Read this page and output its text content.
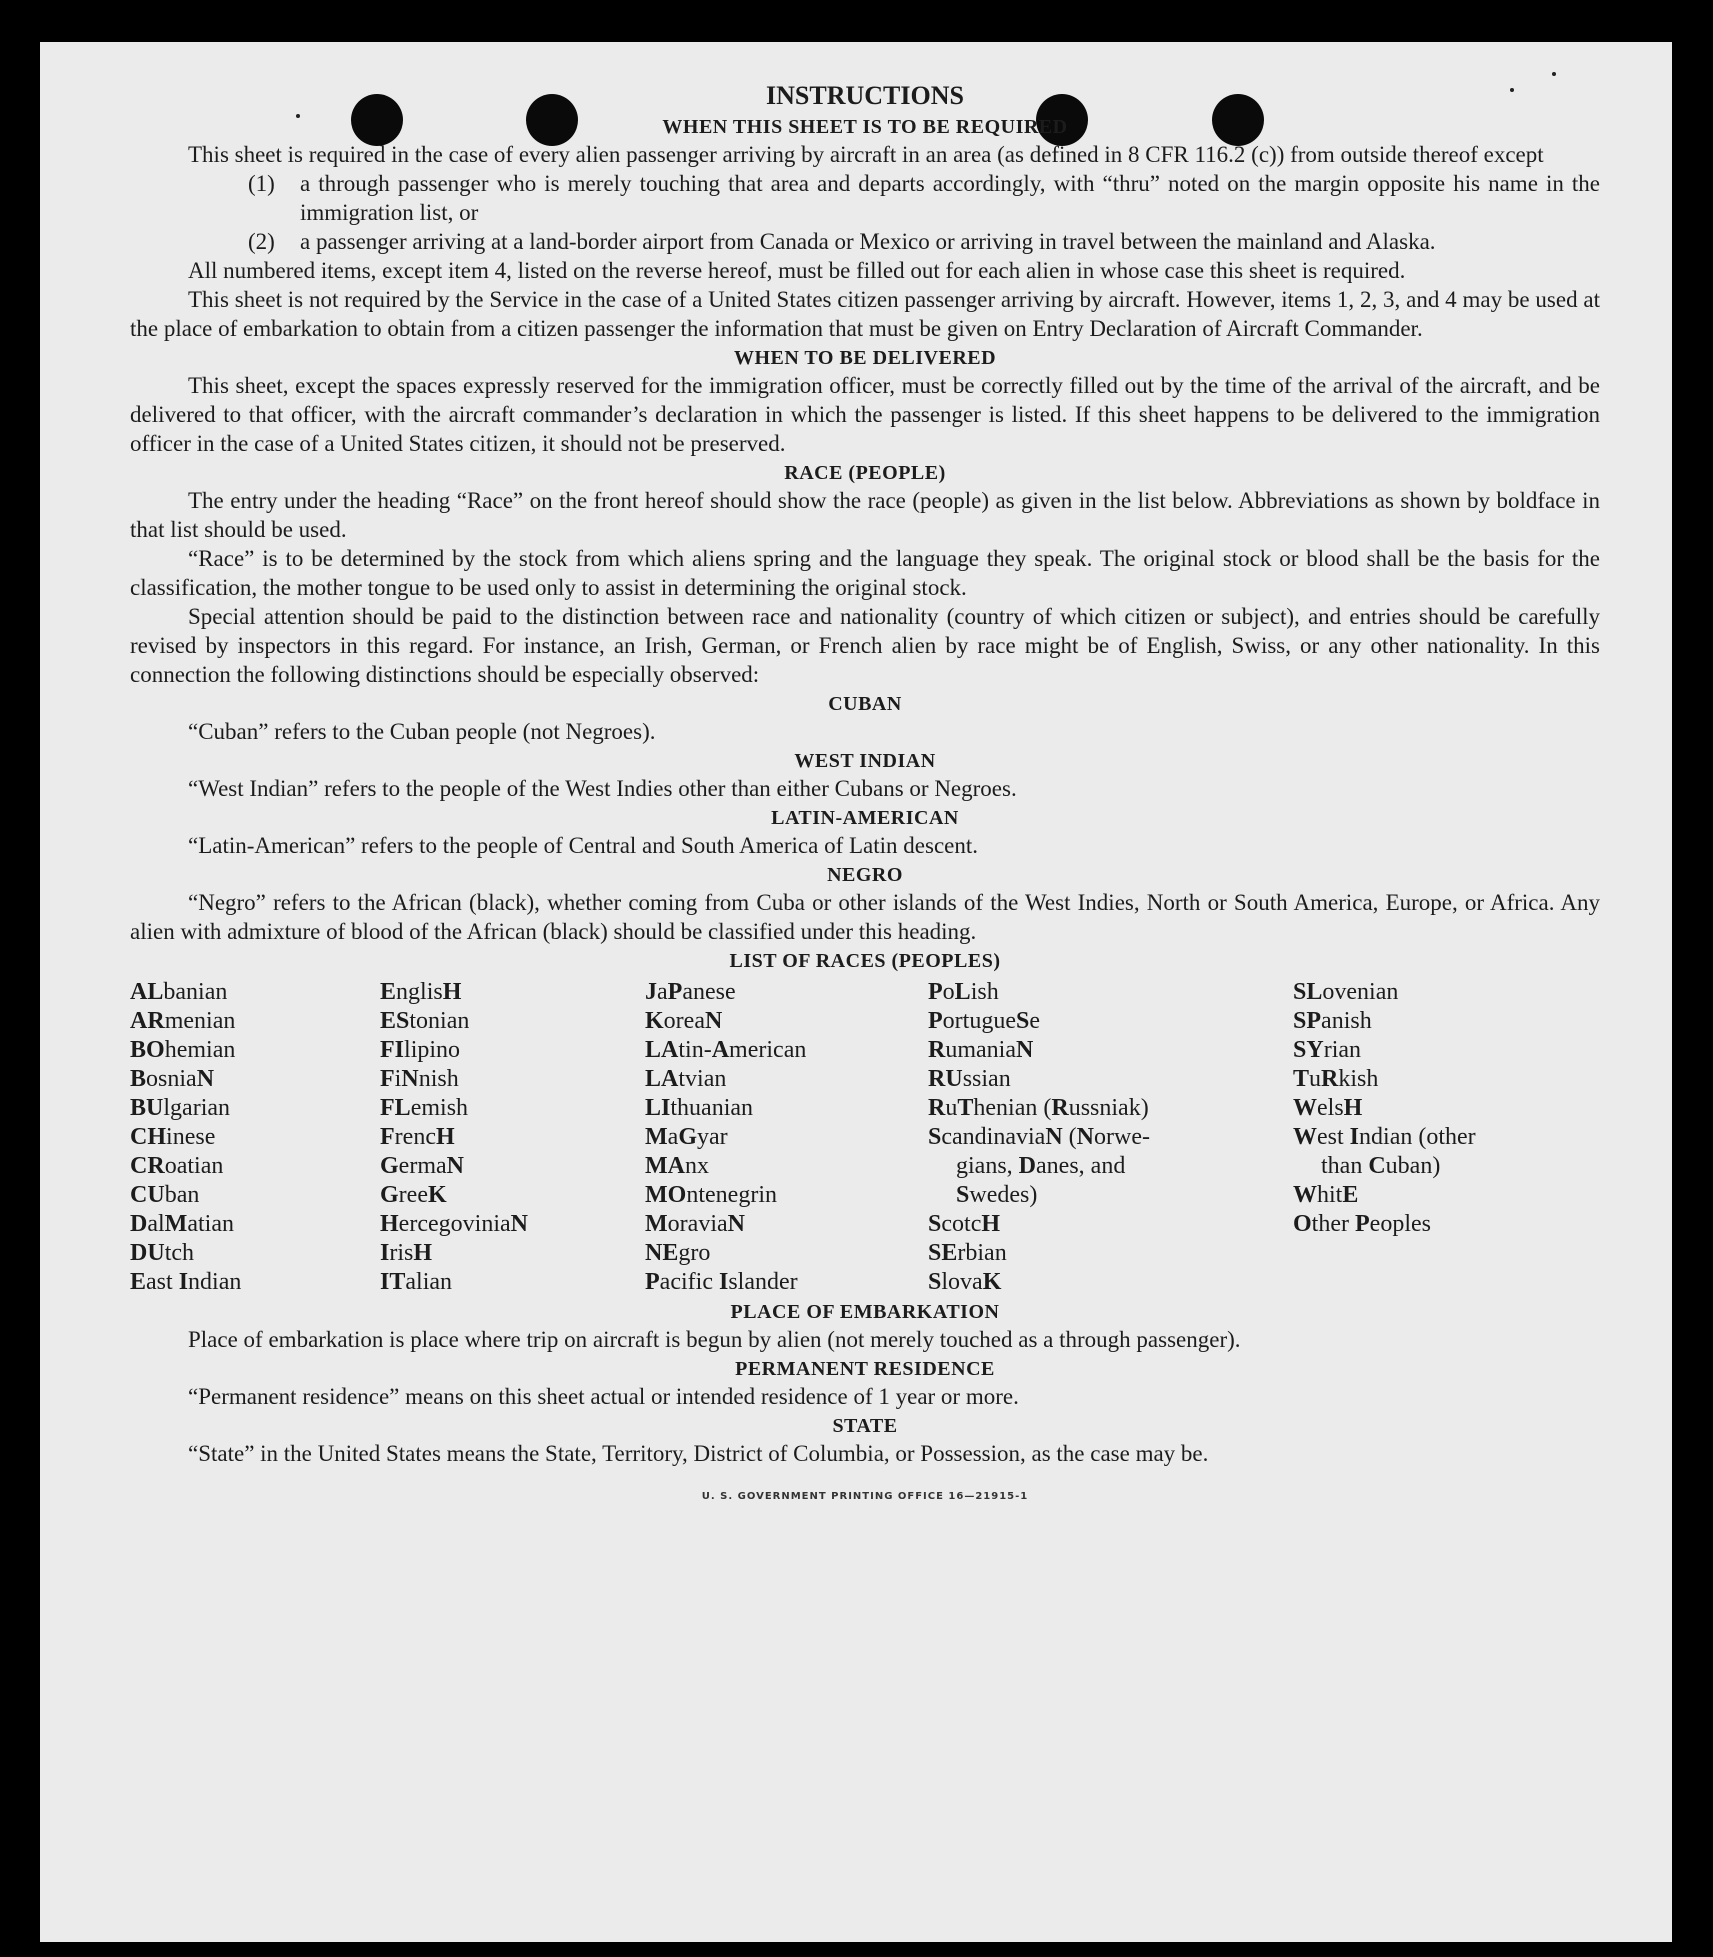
INSTRUCTIONS
WHEN THIS SHEET IS TO BE REQUIRED

This sheet is required in the case of every alien passenger arriving by aircraft in an area (as defined in 8 CFR 116.2 (c)) from outside thereof except

(1)	a through passenger who is merely touching that area and departs accordingly, with “thru” noted on the margin opposite his name in the immigration list, or
(2)	a passenger arriving at a land-border airport from Canada or Mexico or arriving in travel between the mainland and Alaska.

All numbered items, except item 4, listed on the reverse hereof, must be filled out for each alien in whose case this sheet is required.

This sheet is not required by the Service in the case of a United States citizen passenger arriving by aircraft. However, items 1, 2, 3, and 4 may be used at the place of embarkation to obtain from a citizen passenger the information that must be given on Entry Declaration of Aircraft Commander.

WHEN TO BE DELIVERED

This sheet, except the spaces expressly reserved for the immigration officer, must be correctly filled out by the time of the arrival of the aircraft, and be delivered to that officer, with the aircraft commander’s declaration in which the passenger is listed. If this sheet happens to be delivered to the immigration officer in the case of a United States citizen, it should not be preserved.

RACE (PEOPLE)

The entry under the heading “Race” on the front hereof should show the race (people) as given in the list below. Abbreviations as shown by boldface in that list should be used.

“Race” is to be determined by the stock from which aliens spring and the language they speak. The original stock or blood shall be the basis for the classification, the mother tongue to be used only to assist in determining the original stock.

Special attention should be paid to the distinction between race and nationality (country of which citizen or subject), and entries should be carefully revised by inspectors in this regard. For instance, an Irish, German, or French alien by race might be of English, Swiss, or any other nationality. In this connection the following distinctions should be especially observed:

CUBAN

“Cuban” refers to the Cuban people (not Negroes).

WEST INDIAN

“West Indian” refers to the people of the West Indies other than either Cubans or Negroes.

LATIN-AMERICAN

“Latin-American” refers to the people of Central and South America of Latin descent.

NEGRO

“Negro” refers to the African (black), whether coming from Cuba or other islands of the West Indies, North or South America, Europe, or Africa. Any alien with admixture of blood of the African (black) should be classified under this heading.

LIST OF RACES (PEOPLES)
ALbanian
ARmenian
BOhemian
BosniaN
BUlgarian
CHinese
CRoatian
CUban
DalMatian
DUtch
East Indian
EnglisH
EStonian
FIlipino
FiNnish
FLemish
FrencH
GermaN
GreeK
HercegoviniaN
IrisH
ITalian
JaPanese
KoreaN
LAtin-American
LAtvian
LIthuanian
MaGyar
MAnx
MOntenegrin
MoraviaN
NEgro
Pacific Islander
PoLish
PortugueSe
RumaniaN
RUssian
RuThenian (Russniak)
ScandinaviaN (Norwe-
gians, Danes, and
Swedes)
ScotcH
SErbian
SlovaK
SLovenian
SPanish
SYrian
TuRkish
WelsH
West Indian (other
than Cuban)
WhitE
Other Peoples
PLACE OF EMBARKATION

Place of embarkation is place where trip on aircraft is begun by alien (not merely touched as a through passenger).

PERMANENT RESIDENCE

“Permanent residence” means on this sheet actual or intended residence of 1 year or more.

STATE

“State” in the United States means the State, Territory, District of Columbia, or Possession, as the case may be.

U. S. GOVERNMENT PRINTING OFFICE 16—21915-1
